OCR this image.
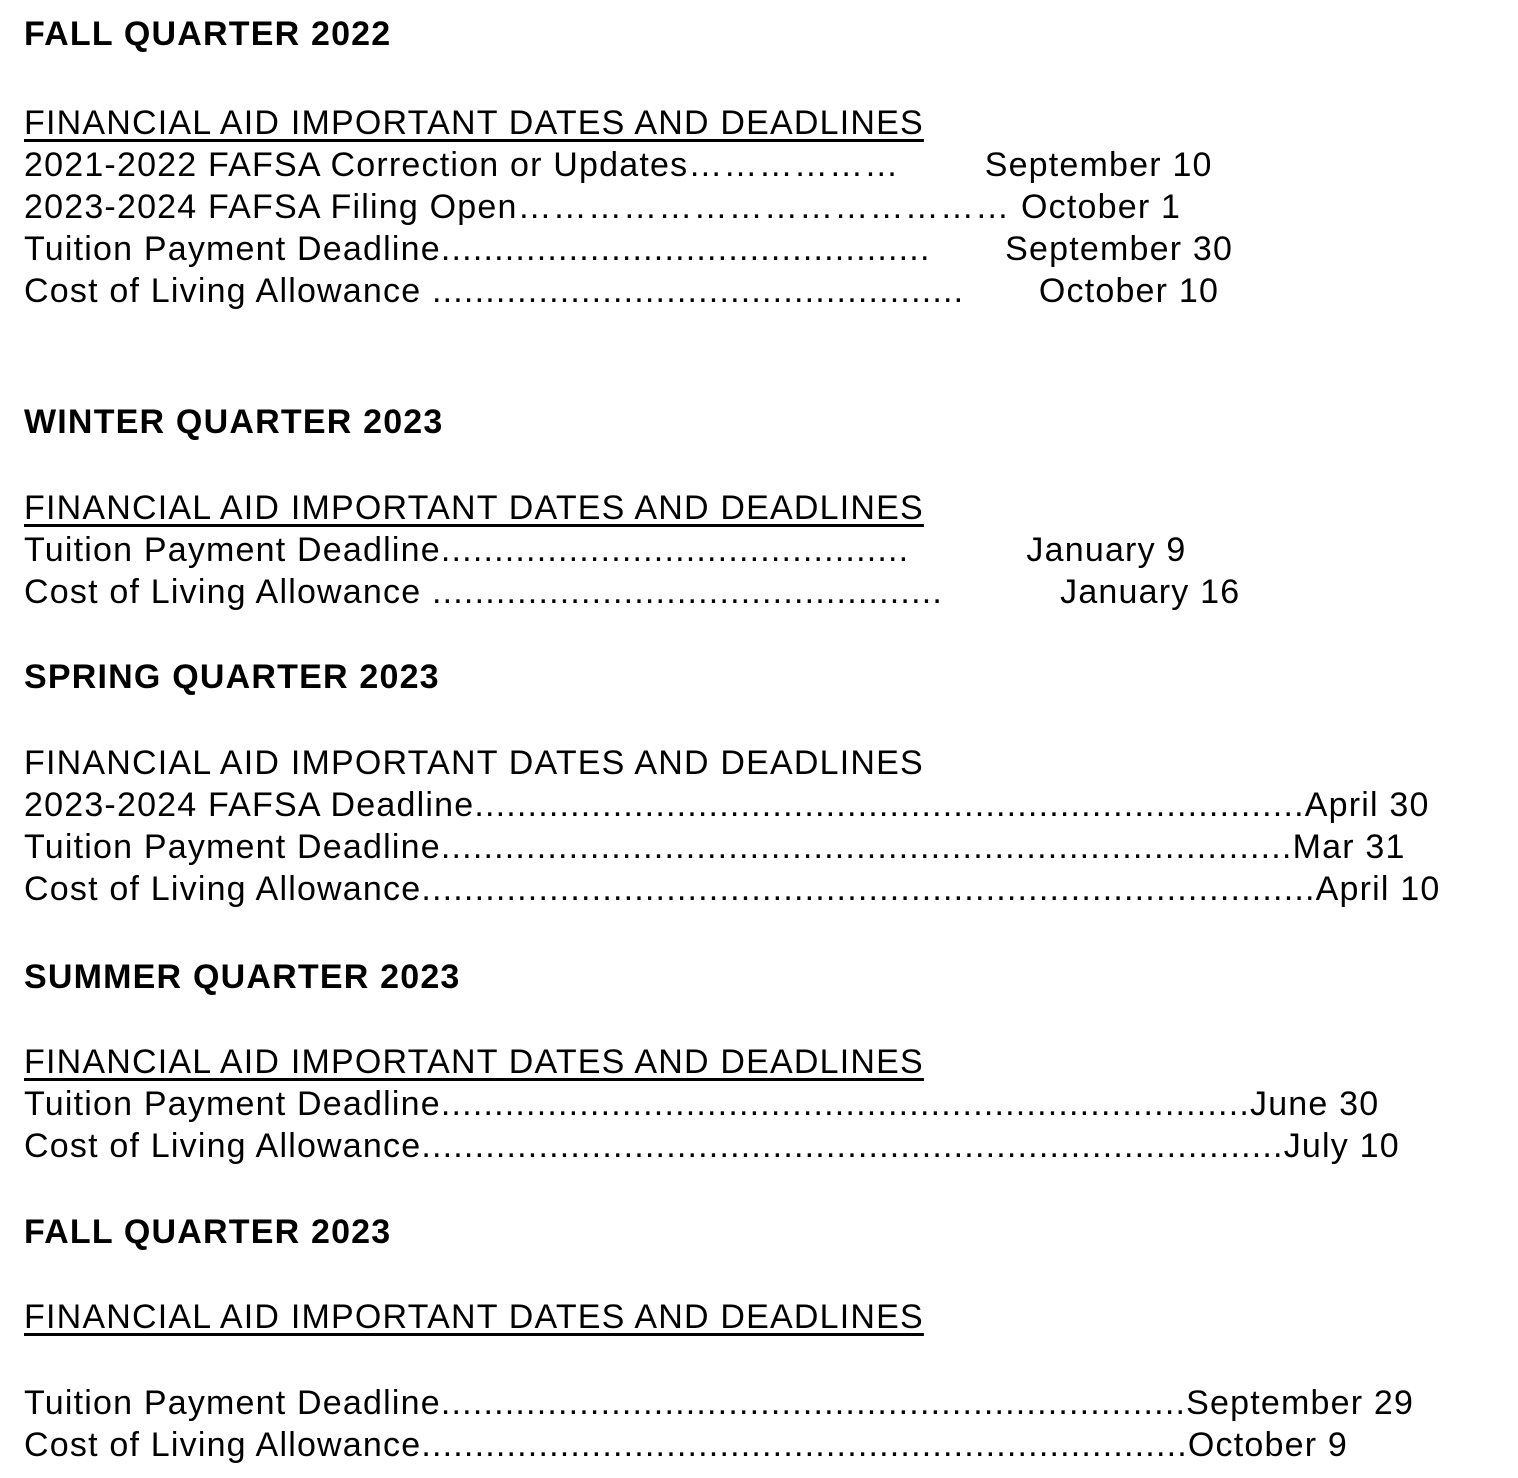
FALL QUARTER 2022
FINANCIAL AID IMPORTANT DATES AND DEADLINES
2021-2022 FAFSA Correction or Updates………………        September 10
2023-2024 FAFSA Filing Open…………………………………… October 1
Tuition Payment Deadline..............................................       September 30
Cost of Living Allowance ..................................................       October 10
WINTER QUARTER 2023
FINANCIAL AID IMPORTANT DATES AND DEADLINES
Tuition Payment Deadline............................................           January 9
Cost of Living Allowance ................................................           January 16
SPRING QUARTER 2023
FINANCIAL AID IMPORTANT DATES AND DEADLINES
2023-2024 FAFSA Deadline..............................................................................April 30
Tuition Payment Deadline................................................................................Mar 31
Cost of Living Allowance....................................................................................April 10
SUMMER QUARTER 2023
FINANCIAL AID IMPORTANT DATES AND DEADLINES
Tuition Payment Deadline............................................................................June 30
Cost of Living Allowance.................................................................................July 10
FALL QUARTER 2023
FINANCIAL AID IMPORTANT DATES AND DEADLINES
Tuition Payment Deadline......................................................................September 29
Cost of Living Allowance........................................................................October 9
